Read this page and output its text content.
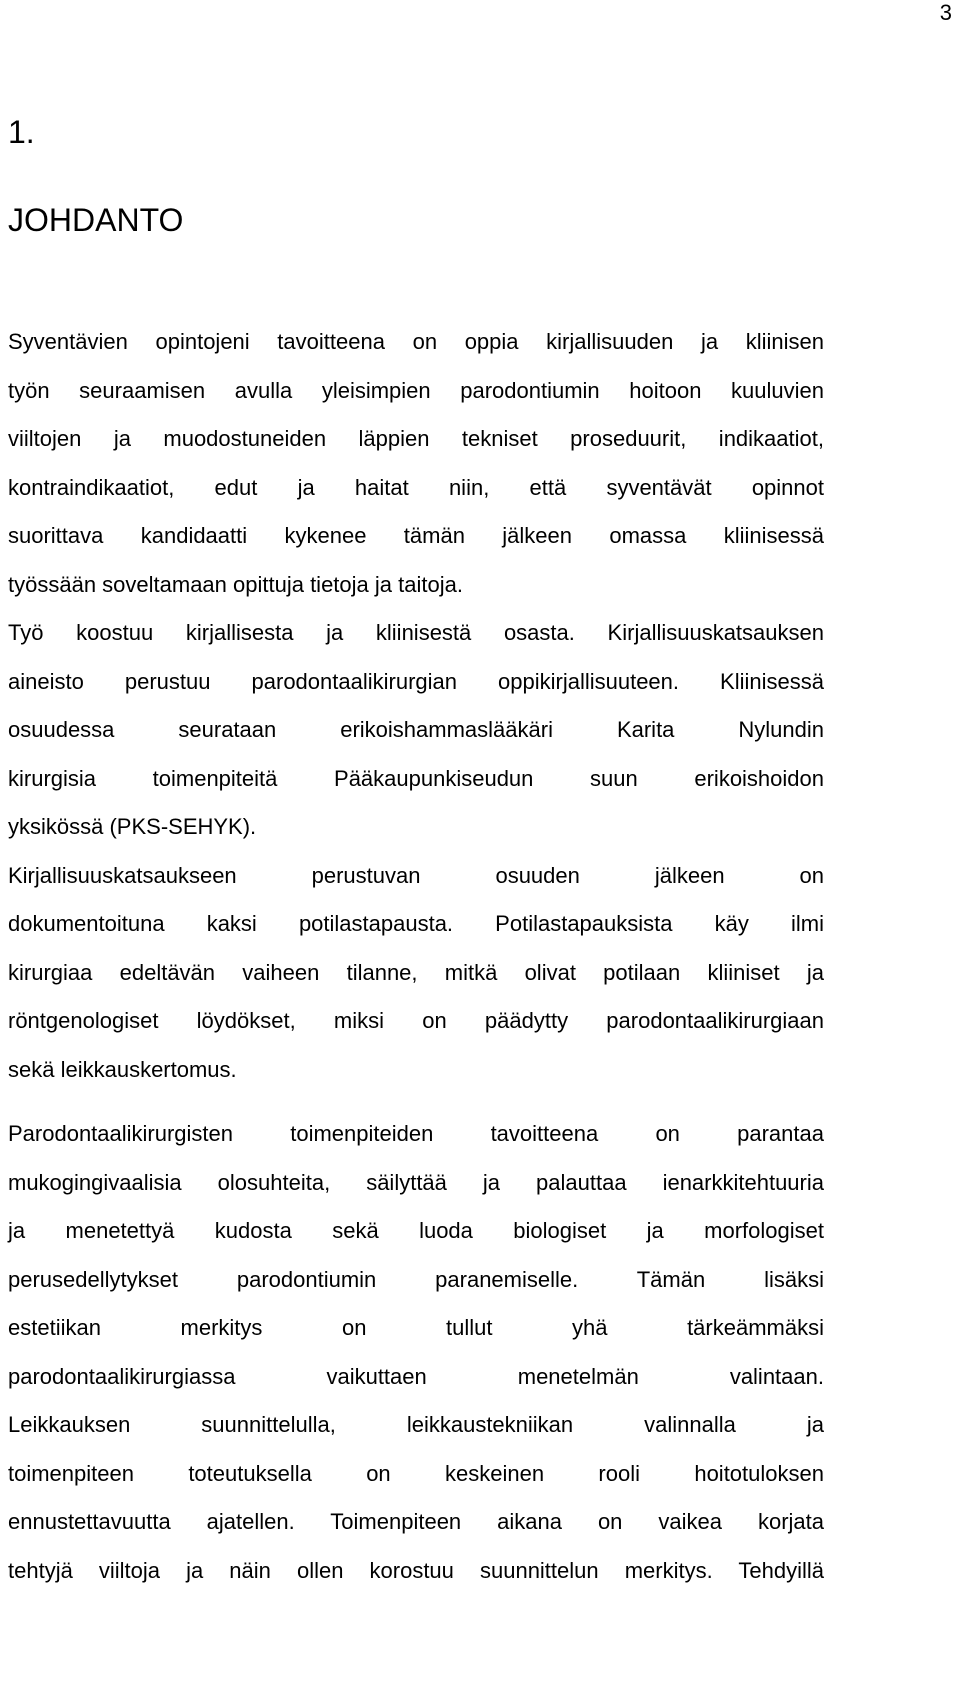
3
1.
JOHDANTO
Syventävien opintojeni tavoitteena on oppia kirjallisuuden ja kliinisen
työn seuraamisen avulla yleisimpien parodontiumin hoitoon kuuluvien
viiltojen ja muodostuneiden läppien tekniset proseduurit, indikaatiot,
kontraindikaatiot, edut ja haitat niin, että syventävät opinnot
suorittava kandidaatti kykenee tämän jälkeen omassa kliinisessä
työssään soveltamaan opittuja tietoja ja taitoja.
Työ koostuu kirjallisesta ja kliinisestä osasta. Kirjallisuuskatsauksen
aineisto perustuu parodontaalikirurgian oppikirjallisuuteen. Kliinisessä
osuudessa seurataan erikoishammaslääkäri Karita Nylundin
kirurgisia toimenpiteitä Pääkaupunkiseudun suun erikoishoidon
yksikössä (PKS-SEHYK).
Kirjallisuuskatsaukseen perustuvan osuuden jälkeen on
dokumentoituna kaksi potilastapausta. Potilastapauksista käy ilmi
kirurgiaa edeltävän vaiheen tilanne, mitkä olivat potilaan kliiniset ja
röntgenologiset löydökset, miksi on päädytty parodontaalikirurgiaan
sekä leikkauskertomus.
Parodontaalikirurgisten toimenpiteiden tavoitteena on parantaa
mukogingivaalisia olosuhteita, säilyttää ja palauttaa ienarkkitehtuuria
ja menetettyä kudosta sekä luoda biologiset ja morfologiset
perusedellytykset parodontiumin paranemiselle. Tämän lisäksi
estetiikan merkitys on tullut yhä tärkeämmäksi
parodontaalikirurgiassa vaikuttaen menetelmän valintaan.
Leikkauksen suunnittelulla, leikkaustekniikan valinnalla ja
toimenpiteen toteutuksella on keskeinen rooli hoitotuloksen
ennustettavuutta ajatellen. Toimenpiteen aikana on vaikea korjata
tehtyjä viiltoja ja näin ollen korostuu suunnittelun merkitys. Tehdyillä
